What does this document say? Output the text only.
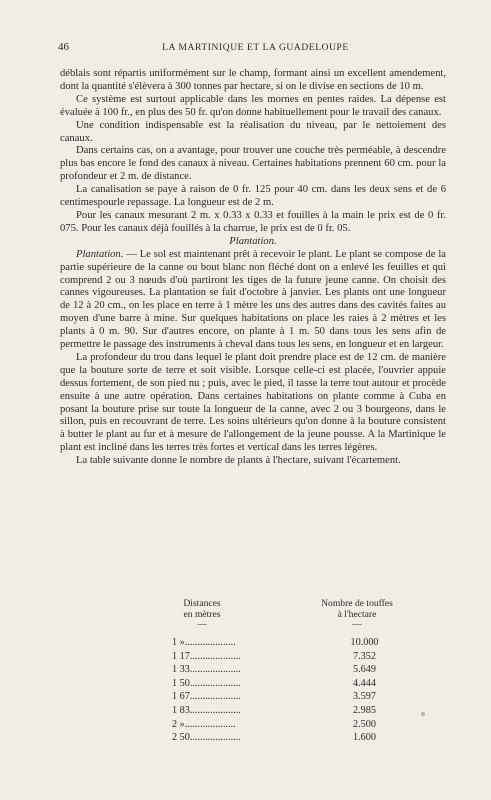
46	LA MARTINIQUE ET LA GUADELOUPE

déblais sont répartis uniformément sur le champ, formant ainsi un excellent amendement, dont la quantité s'élèvera à 300 tonnes par hectare, si on le divise en sections de 10 m.

Ce système est surtout applicable dans les mornes en pentes raides. La dépense est évaluée à 100 fr., en plus des 50 fr. qu'on donne habituellement pour le travail des canaux.

Une condition indispensable est la réalisation du niveau, par le nettoiement des canaux.

Dans certains cas, on a avantage, pour trouver une couche très perméable, à descendre plus bas encore le fond des canaux à niveau. Certaines habitations prennent 60 cm. pour la profondeur et 2 m. de distance.

La canalisation se paye à raison de 0 fr. 125 pour 40 cm. dans les deux sens et de 6 centimespourle repassage. La longueur est de 2 m.

Pour les canaux mesurant 2 m. x 0.33 x 0.33 et fouilles à la main le prix est de 0 fr. 075. Pour les canaux déjà fouillés à la charrue, le prix est de 0 fr. 05.

Plantation.

Plantation. — Le sol est maintenant prêt à recevoir le plant. Le plant se compose de la partie supérieure de la canne ou bout blanc non fléché dont on a enlevé les feuilles et qui comprend 2 ou 3 nœuds d'où partiront les tiges de la future jeune canne. On choisit des cannes vigoureuses. La plantation se fait d'octobre à janvier. Les plants ont une longueur de 12 à 20 cm., on les place en terre à 1 mètre les uns des autres dans des cavités faites au moyen d'une barre à mine. Sur quelques habitations on place les raies à 2 mètres et les plants à 0 m. 90. Sur d'autres encore, on plante à 1 m. 50 dans tous les sens afin de permettre le passage des instruments à cheval dans tous les sens, en longueur et en largeur.

La profondeur du trou dans lequel le plant doit prendre place est de 12 cm. de manière que la bouture sorte de terre et soit visible. Lorsque celle-ci est placée, l'ouvrier appuie dessus fortement, de son pied nu ; puis, avec le pied, il tasse la terre tout autour et procède ensuite à une autre opération. Dans certaines habitations on plante comme à Cuba en posant la bouture prise sur toute la longueur de la canne, avec 2 ou 3 bourgeons, dans le sillon, puis en recouvrant de terre. Les soins ultérieurs qu'on donne à la bouture consistent à butter le plant au fur et à mesure de l'allongement de la jeune pousse. A la Martinique le plant est incliné dans les terres très fortes et vertical dans les terres légères.

La table suivante donne le nombre de plants à l'hectare, suivant l'écartement.

Distances	Nombre de touffes
en mètres	à l'hectare
—	—
1 »....................	10.000
1 17....................	7.352
1 33....................	5.649
1 50....................	4.444
1 67....................	3.597
1 83....................	2.985
2 »....................	2.500
2 50....................	1.600
